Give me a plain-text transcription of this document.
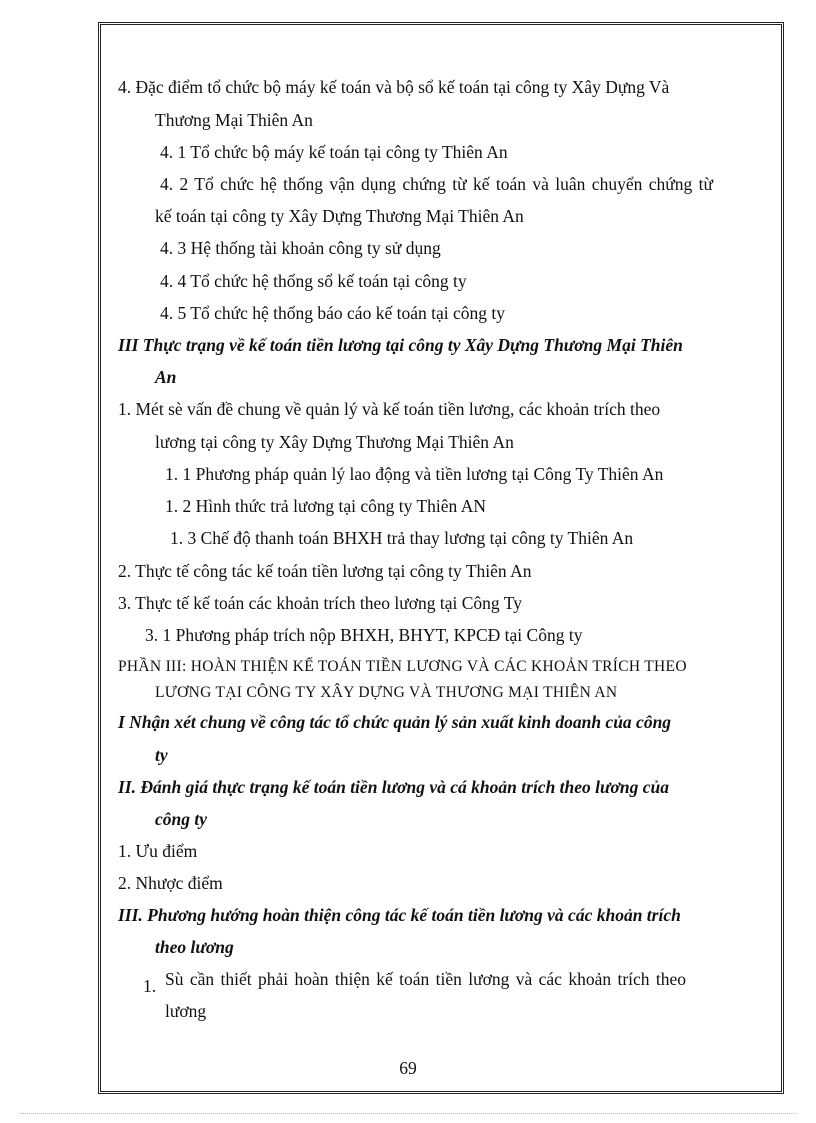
4. Đặc điểm tổ chức bộ máy kế toán và bộ sổ kế toán tại công ty Xây Dựng Và
Thương Mại Thiên An
4. 1 Tổ chức bộ máy kế toán tại công ty Thiên An
4. 2 Tổ chức hệ thống vận dụng chứng từ kế toán và luân chuyển chứng từ
kế toán tại công ty Xây Dựng Thương Mại Thiên An
4. 3 Hệ thống tài khoản công ty sử dụng
4. 4 Tổ chức hệ thống sổ kế toán tại công ty
4. 5 Tổ chức hệ thống báo cáo kế toán tại công ty
III Thực trạng về kế toán tiền lương tại công ty Xây Dựng Thương Mại Thiên
An
1. Mét sè vấn đề chung về quản lý và kế toán tiền lương, các khoản trích theo
lương tại công ty Xây Dựng Thương Mại Thiên An
1. 1 Phương pháp quản lý lao động và tiền lương tại Công Ty Thiên An
1. 2 Hình thức trả lương tại công ty Thiên AN
1. 3 Chế độ thanh toán BHXH trả thay lương tại công ty Thiên An
2. Thực tế công tác kế toán tiền lương tại công ty Thiên An
3. Thực tế kế toán các khoản trích theo lương tại Công Ty
3. 1 Phương pháp trích nộp BHXH, BHYT, KPCĐ tại Công ty
PHẦN III: HOÀN THIỆN KẾ TOÁN TIỀN LƯƠNG VÀ CÁC KHOẢN TRÍCH THEO
LƯƠNG TẠI CÔNG TY XÂY DỰNG VÀ THƯƠNG MẠI THIÊN AN
I Nhận xét chung về công tác tổ chức quản lý sản xuất kinh doanh của công
ty
II. Đánh giá thực trạng kế toán tiền lương và cá khoản trích theo lương của
công ty
1. Ưu điểm
2. Nhược điểm
III. Phương hướng hoàn thiện công tác kế toán tiền lương và các khoản trích
theo lương
1. Sù cần thiết phải hoàn thiện kế toán tiền lương và các khoản trích theo
lương
69
